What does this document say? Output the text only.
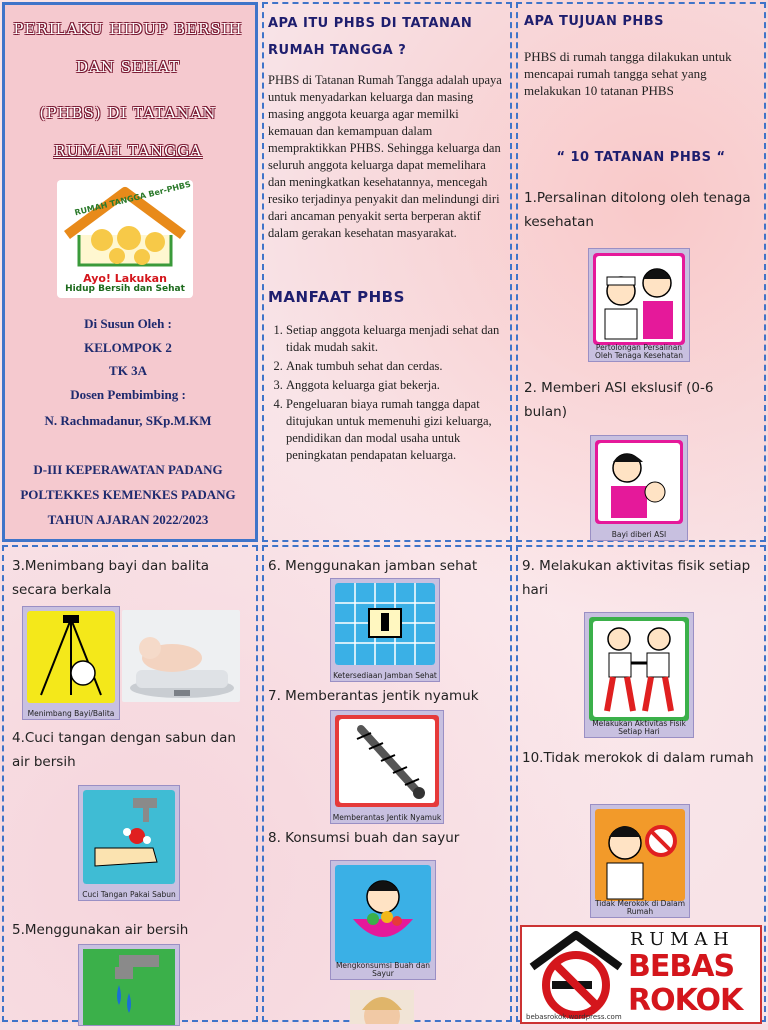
PERILAKU HIDUP BERSIH
DAN SEHAT
(PHBS) DI TATANAN
RUMAH TANGGA
RUMAH TANGGA Ber-PHBS
Ayo! Lakukan
Hidup Bersih dan Sehat
Di Susun Oleh :
KELOMPOK 2
TK 3A
Dosen Pembimbing :
N. Rachmadanur, SKp.M.KM
D-III KEPERAWATAN PADANG
POLTEKKES KEMENKES PADANG
TAHUN AJARAN 2022/2023
APA ITU PHBS DI TATANAN RUMAH TANGGA ?
PHBS di Tatanan Rumah Tangga adalah upaya untuk menyadarkan keluarga dan masing masing anggota keuarga agar memilki kemauan dan kemampuan dalam mempraktikkan PHBS. Sehingga keluarga dan seluruh anggota keluarga dapat memelihara dan meningkatkan kesehatannya, mencegah resiko terjadinya penyakit dan melindungi diri dari ancaman penyakit serta berperan aktif dalam gerakan kesehatan masyarakat.
MANFAAT PHBS
1. Setiap anggota keluarga menjadi sehat dan tidak mudah sakit.
2. Anak tumbuh sehat dan cerdas.
3. Anggota keluarga giat bekerja.
4. Pengeluaran biaya rumah tangga dapat ditujukan untuk memenuhi gizi keluarga, pendidikan dan modal usaha untuk peningkatan pendapatan keluarga.
APA TUJUAN PHBS
PHBS di rumah tangga dilakukan untuk mencapai rumah tangga sehat yang melakukan 10 tatanan PHBS
“ 10 TATANAN PHBS “
1.Persalinan ditolong oleh tenaga kesehatan
Pertolongan Persalinan Oleh Tenaga Kesehatan
2. Memberi ASI ekslusif (0-6 bulan)
Bayi diberi ASI
3.Menimbang bayi dan balita secara berkala
Menimbang Bayi/Balita
4.Cuci tangan dengan sabun dan air bersih
Cuci Tangan Pakai Sabun
5.Menggunakan air bersih
6. Menggunakan jamban sehat
Ketersediaan Jamban Sehat
7. Memberantas jentik nyamuk
Memberantas Jentik Nyamuk
8. Konsumsi buah dan sayur
Mengkonsumsi Buah dan Sayur
9. Melakukan aktivitas fisik setiap hari
Melakukan Aktivitas Fisik Setiap Hari
10.Tidak merokok di dalam rumah
Tidak Merokok di Dalam Rumah
R U M A H
BEBAS
ROKOK
bebasrokok.wordpress.com
